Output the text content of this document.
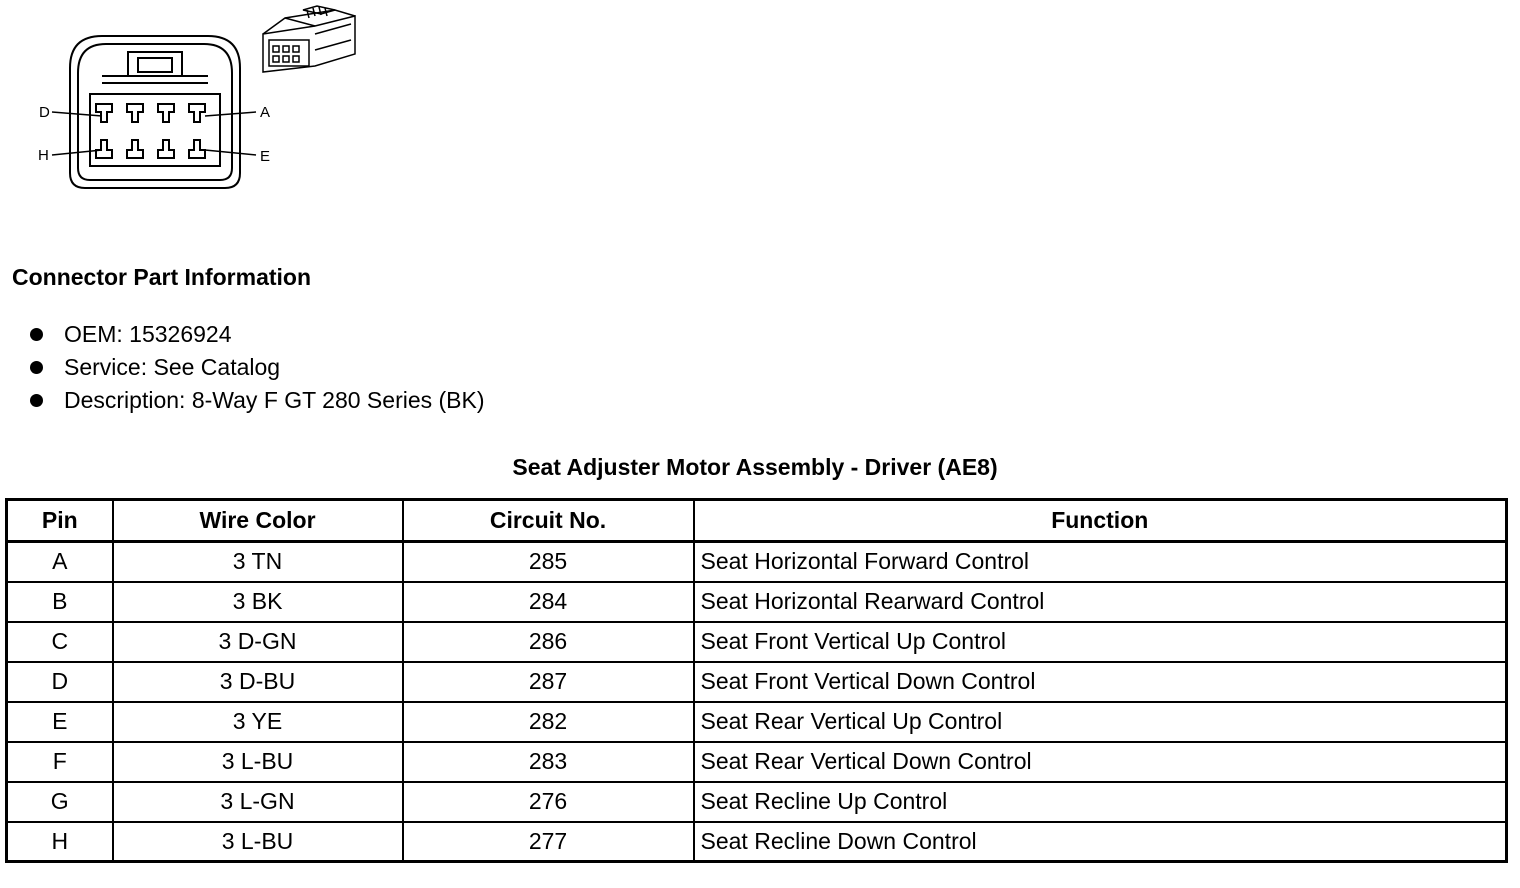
D	A
H	E
Connector Part Information
OEM: 15326924
Service: See Catalog
Description: 8-Way F GT 280 Series (BK)
Seat Adjuster Motor Assembly - Driver (AE8)
Pin	Wire Color	Circuit No.	Function
A	3 TN	285	Seat Horizontal Forward Control
B	3 BK	284	Seat Horizontal Rearward Control
C	3 D-GN	286	Seat Front Vertical Up Control
D	3 D-BU	287	Seat Front Vertical Down Control
E	3 YE	282	Seat Rear Vertical Up Control
F	3 L-BU	283	Seat Rear Vertical Down Control
G	3 L-GN	276	Seat Recline Up Control
H	3 L-BU	277	Seat Recline Down Control
